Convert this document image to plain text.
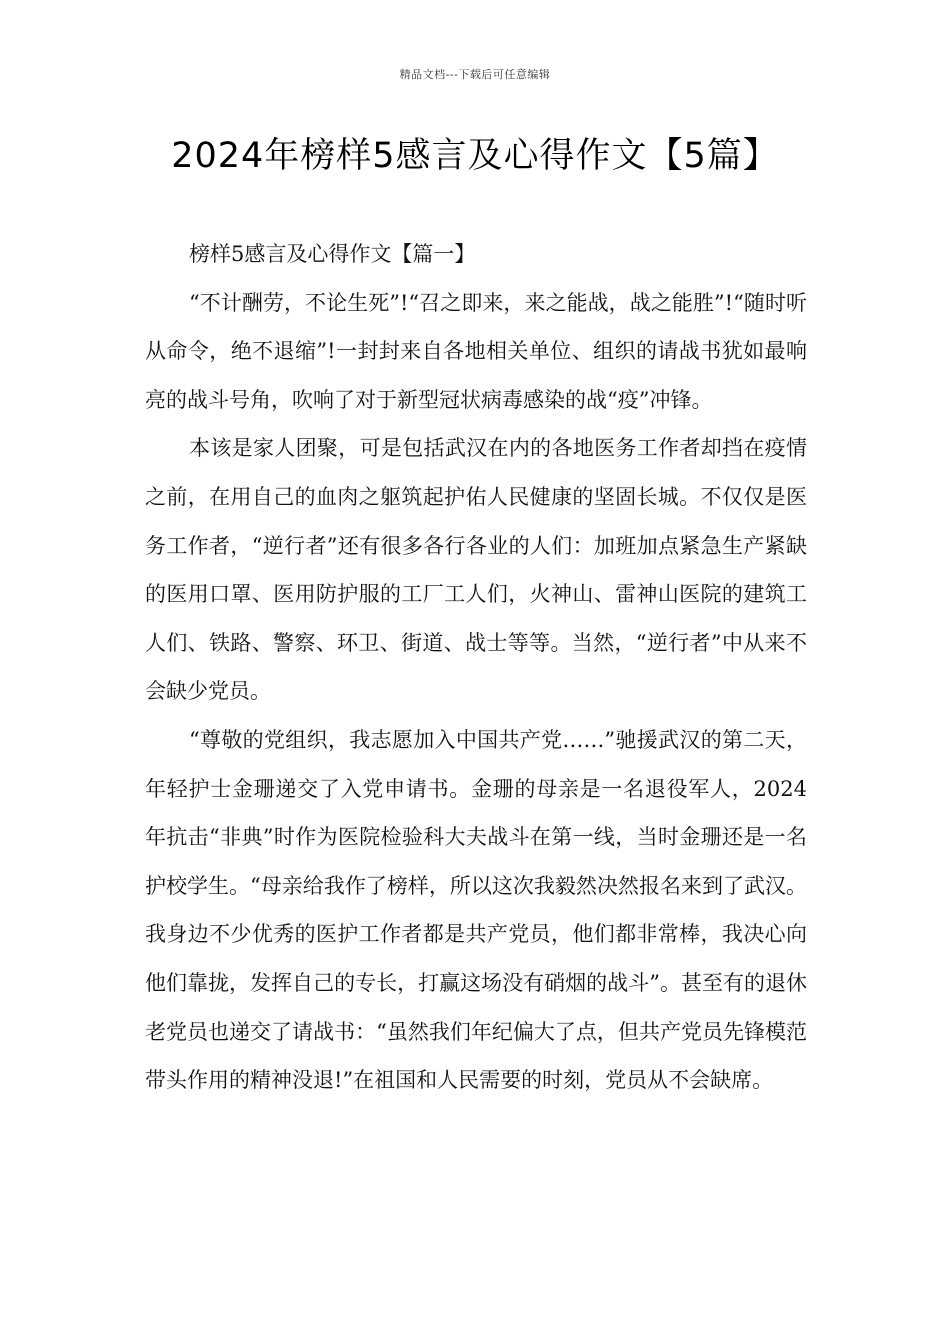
精品文档---下载后可任意编辑
2024年榜样5感言及心得作文【5篇】

榜样5感言及心得作文【篇一】

“不计酬劳，不论生死”!“召之即来，来之能战，战之能胜”!“随时听从命令，绝不退缩”!一封封来自各地相关单位、组织的请战书犹如最响亮的战斗号角，吹响了对于新型冠状病毒感染的战“疫”冲锋。

本该是家人团聚，可是包括武汉在内的各地医务工作者却挡在疫情之前，在用自己的血肉之躯筑起护佑人民健康的坚固长城。不仅仅是医务工作者，“逆行者”还有很多各行各业的人们：加班加点紧急生产紧缺的医用口罩、医用防护服的工厂工人们，火神山、雷神山医院的建筑工人们、铁路、警察、环卫、街道、战士等等。当然，“逆行者”中从来不会缺少党员。

“尊敬的党组织，我志愿加入中国共产党……”驰援武汉的第二天，年轻护士金珊递交了入党申请书。金珊的母亲是一名退役军人，2024年抗击“非典”时作为医院检验科大夫战斗在第一线，当时金珊还是一名护校学生。“母亲给我作了榜样，所以这次我毅然决然报名来到了武汉。我身边不少优秀的医护工作者都是共产党员，他们都非常棒，我决心向他们靠拢，发挥自己的专长，打赢这场没有硝烟的战斗”。甚至有的退休老党员也递交了请战书：“虽然我们年纪偏大了点，但共产党员先锋模范带头作用的精神没退!”在祖国和人民需要的时刻，党员从不会缺席。
